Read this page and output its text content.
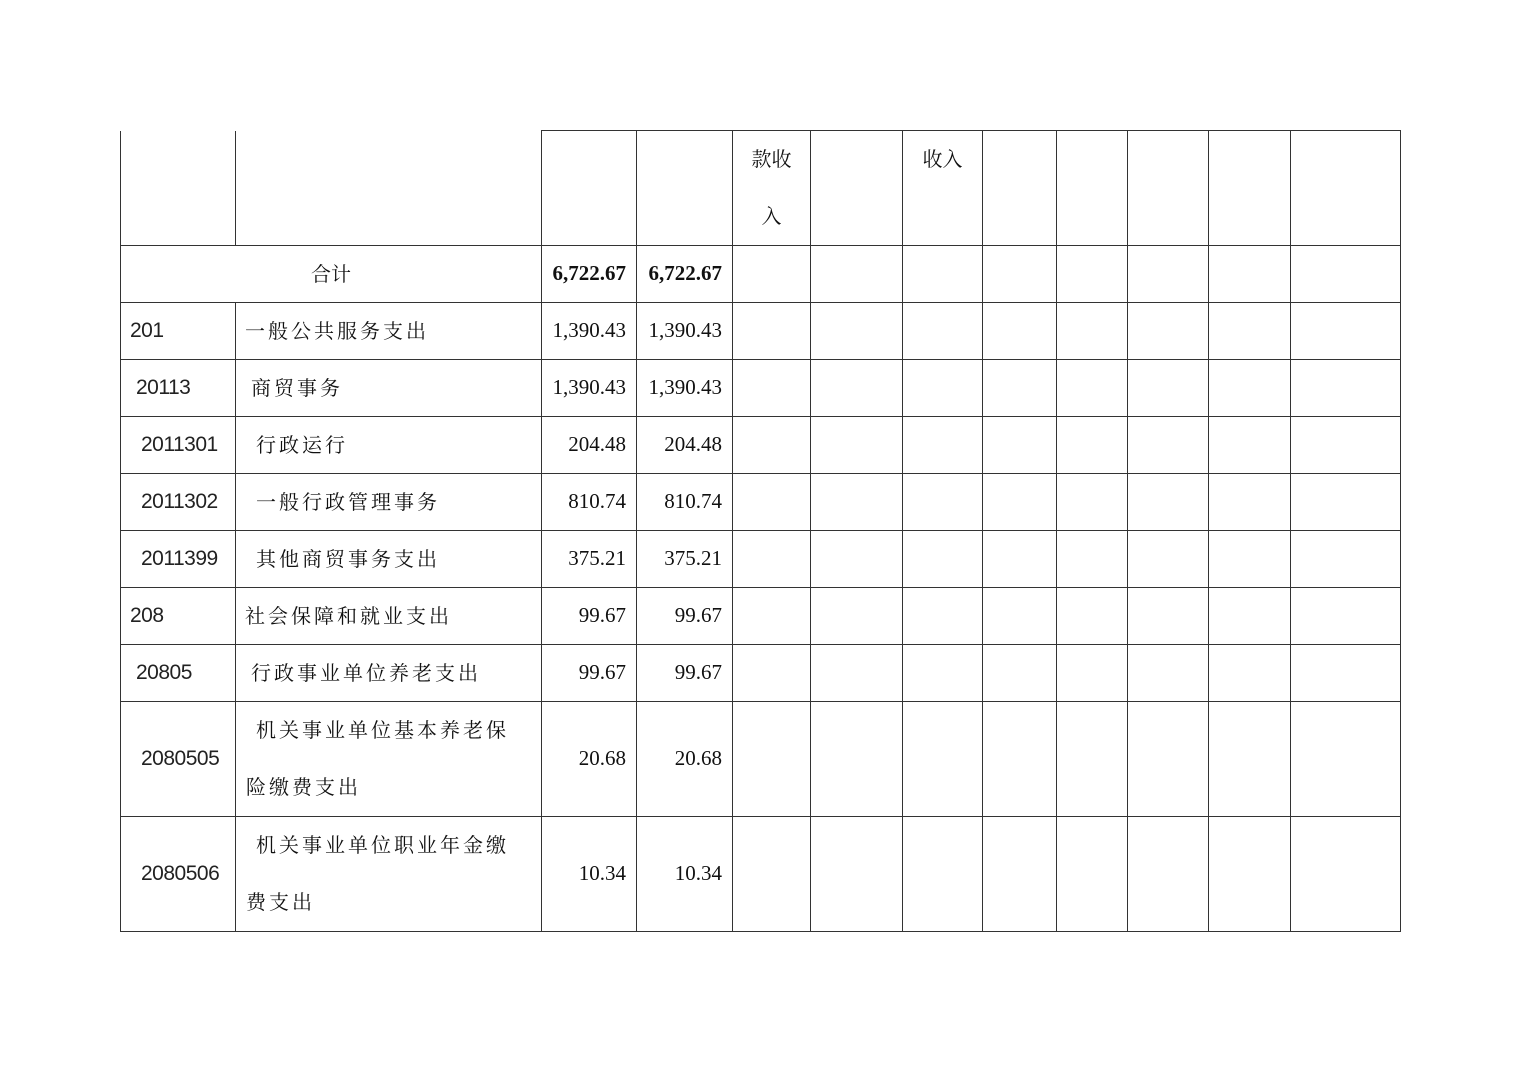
				款收入		收入					
合计		6,722.67	6,722.67								
201	一般公共服务支出	1,390.43	1,390.43								
20113	商贸事务	1,390.43	1,390.43								
2011301	行政运行	204.48	204.48								
2011302	一般行政管理事务	810.74	810.74								
2011399	其他商贸事务支出	375.21	375.21								
208	社会保障和就业支出	99.67	99.67								
20805	行政事业单位养老支出	99.67	99.67								
2080505	机关事业单位基本养老保险缴费支出	20.68	20.68								
2080506	机关事业单位职业年金缴费支出	10.34	10.34								
